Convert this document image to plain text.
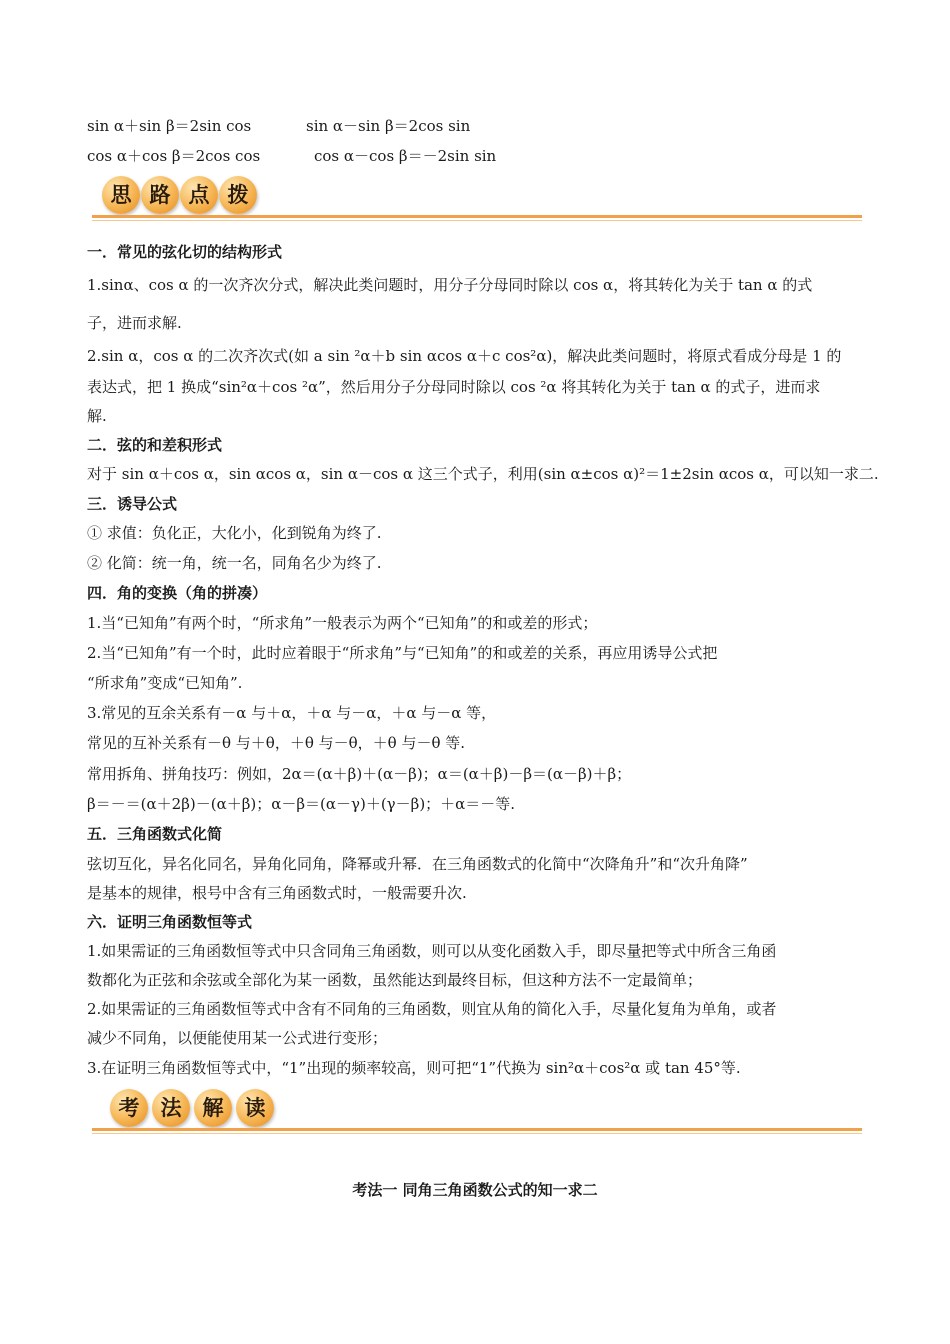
sin α＋sin β＝2sin cos	sin α－sin β＝2cos sin
cos α＋cos β＝2cos cos	cos α－cos β＝－2sin sin
思 路 点 拨
一．常见的弦化切的结构形式
1.sinα、cos α 的一次齐次分式，解决此类问题时，用分子分母同时除以 cos α，将其转化为关于 tan α 的式
子，进而求解.
2.sin α，cos α 的二次齐次式(如 a sin ²α＋b sin αcos α＋c cos²α)，解决此类问题时，将原式看成分母是 1 的
表达式，把 1 换成“sin²α＋cos ²α”，然后用分子分母同时除以 cos ²α 将其转化为关于 tan α 的式子，进而求
解.
二．弦的和差积形式
对于 sin α＋cos α，sin αcos α，sin α－cos α 这三个式子，利用(sin α±cos α)²＝1±2sin αcos α，可以知一求二.
三．诱导公式
① 求值：负化正，大化小，化到锐角为终了.
② 化简：统一角，统一名，同角名少为终了.
四．角的变换（角的拼凑）
1.当“已知角”有两个时，“所求角”一般表示为两个“已知角”的和或差的形式；
2.当“已知角”有一个时，此时应着眼于“所求角”与“已知角”的和或差的关系，再应用诱导公式把
“所求角”变成“已知角”.
3.常见的互余关系有－α 与＋α，＋α 与－α，＋α 与－α 等，
常见的互补关系有－θ 与＋θ，＋θ 与－θ，＋θ 与－θ 等.
常用拆角、拼角技巧：例如，2α＝(α＋β)＋(α－β)；α＝(α＋β)－β＝(α－β)＋β；
β＝－＝(α＋2β)－(α＋β)；α－β＝(α－γ)＋(γ－β)；＋α＝－等.
五．三角函数式化简
弦切互化，异名化同名，异角化同角，降幂或升幂．在三角函数式的化简中“次降角升”和“次升角降”
是基本的规律，根号中含有三角函数式时，一般需要升次.
六．证明三角函数恒等式
1.如果需证的三角函数恒等式中只含同角三角函数，则可以从变化函数入手，即尽量把等式中所含三角函
数都化为正弦和余弦或全部化为某一函数，虽然能达到最终目标，但这种方法不一定最简单；
2.如果需证的三角函数恒等式中含有不同角的三角函数，则宜从角的简化入手，尽量化复角为单角，或者
减少不同角，以便能使用某一公式进行变形；
3.在证明三角函数恒等式中，“1”出现的频率较高，则可把“1”代换为 sin²α＋cos²α 或 tan 45°等.
考	法	解	读
考法一 同角三角函数公式的知一求二
